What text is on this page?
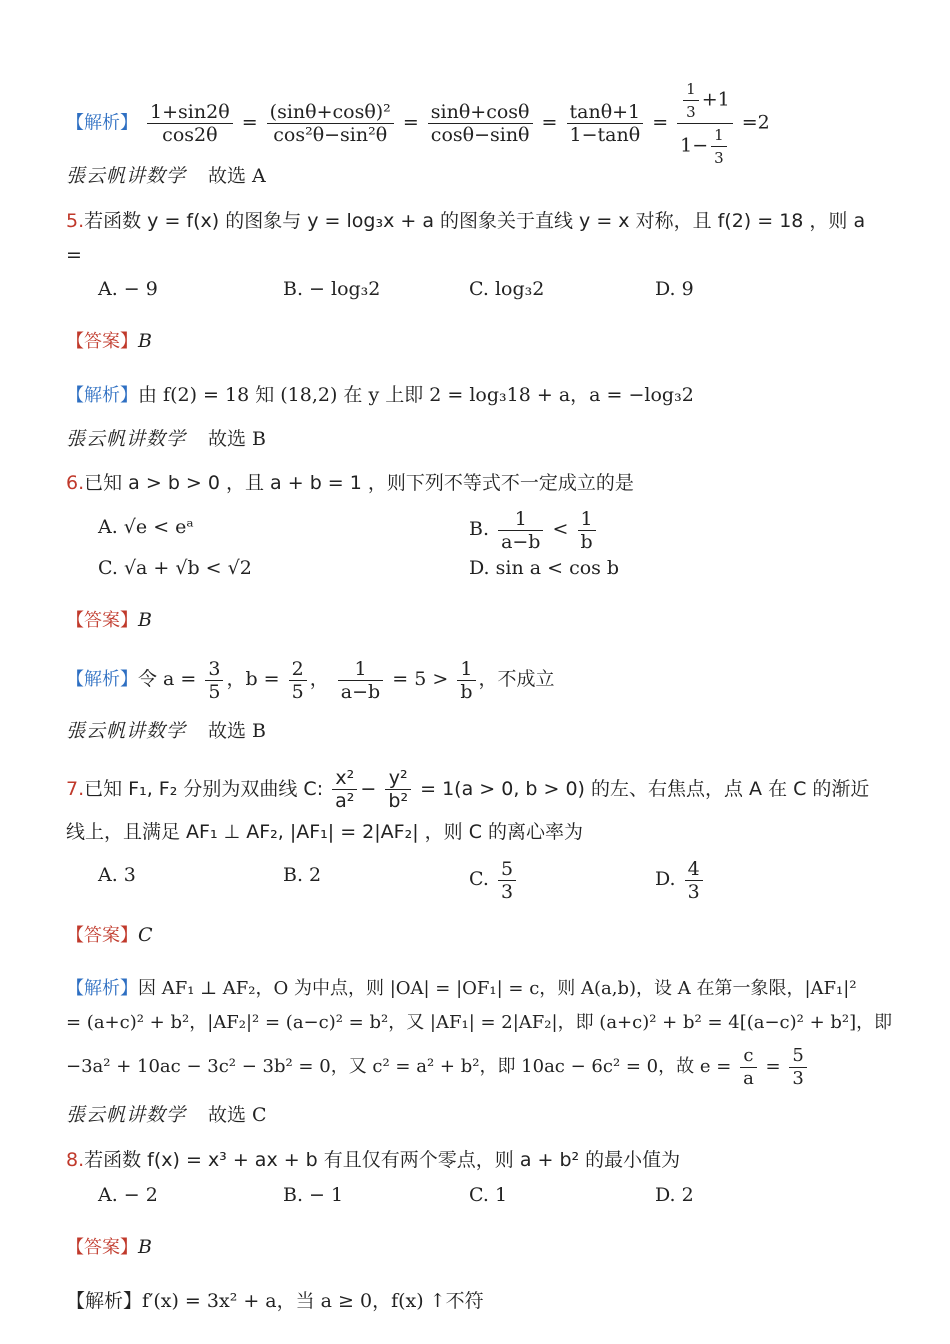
【解析】 $\frac{1+\sin 2\theta}{\cos 2\theta} = \frac{\text{(sinθ+cosθ)²}}{\text{cos²θ−sin²θ}} = \frac{\sin\theta+\cos\theta}{\cos\theta-\sin\theta} = \frac{\tan\theta+1}{1-\tan\theta} = \frac{\frac{1}{3} +1}{1- \frac{1}{3}} =2$
張云帆讲数学 故选 A
5.若函数 y = f(x) 的图象与 y = log₃x + a 的图象关于直线 y = x 对称，且 f(2) = 18 ，则 a
=
A. − 9	B. − log₃2	C. log₃2	D. 9
【答案】B
【解析】由 f(2) = 18 知 (18,2) 在 y 上即 2 = log₃18 + a，a = −log₃2
張云帆讲数学 故选 B
6.已知 a > b > 0 ，且 a + b = 1 ，则下列不等式不一定成立的是
A. √e < eᵃ	B. $\frac{1}{a-b} < \frac{1}{b}$
C. √a + √b < √2	D. sin a < cos b
【答案】B
【解析】令 $a = \frac{3}{5}$ ，$b = \frac{2}{5}$ ， $\frac{1}{a-b} = 5 > \frac{1}{b}$ ，不成立
張云帆讲数学 故选 B
7.已知 F₁, F₂ 分别为双曲线 C: $\frac{\text{x²}}{\text{a²}} - \frac{\text{y²}}{\text{b²}} = 1(a > 0$, b > 0) 的左、右焦点，点 A 在 C 的渐近
线上，且满足 AF₁ ⊥ AF₂, |AF₁| = 2|AF₂| ，则 C 的离心率为
A. 3	B. 2	C. $\frac{5}{3}$	D. $\frac{4}{3}$
【答案】C
【解析】因 AF₁ ⊥ AF₂，O 为中点，则 |OA| = |OF₁| = c，则 A(a,b)，设 A 在第一象限，|AF₁|²
= (a+c)² + b²，|AF₂|² = (a−c)² = b²，又 |AF₁| = 2|AF₂|，即 (a+c)² + b² = 4[(a−c)² + b²]，即
−3a² + 10ac − 3c² − 3b² = 0，又 c² = a² + b²，即 10ac − 6c² = 0，故 $e = \frac{c}{a} = \frac{5}{3}$
張云帆讲数学 故选 C
8.若函数 f(x) = x³ + ax + b 有且仅有两个零点，则 a + b² 的最小值为
A. − 2	B. − 1	C. 1	D. 2
【答案】B
【解析】f′(x) = 3x² + a，当 a ≥ 0，f(x) ↑不符
